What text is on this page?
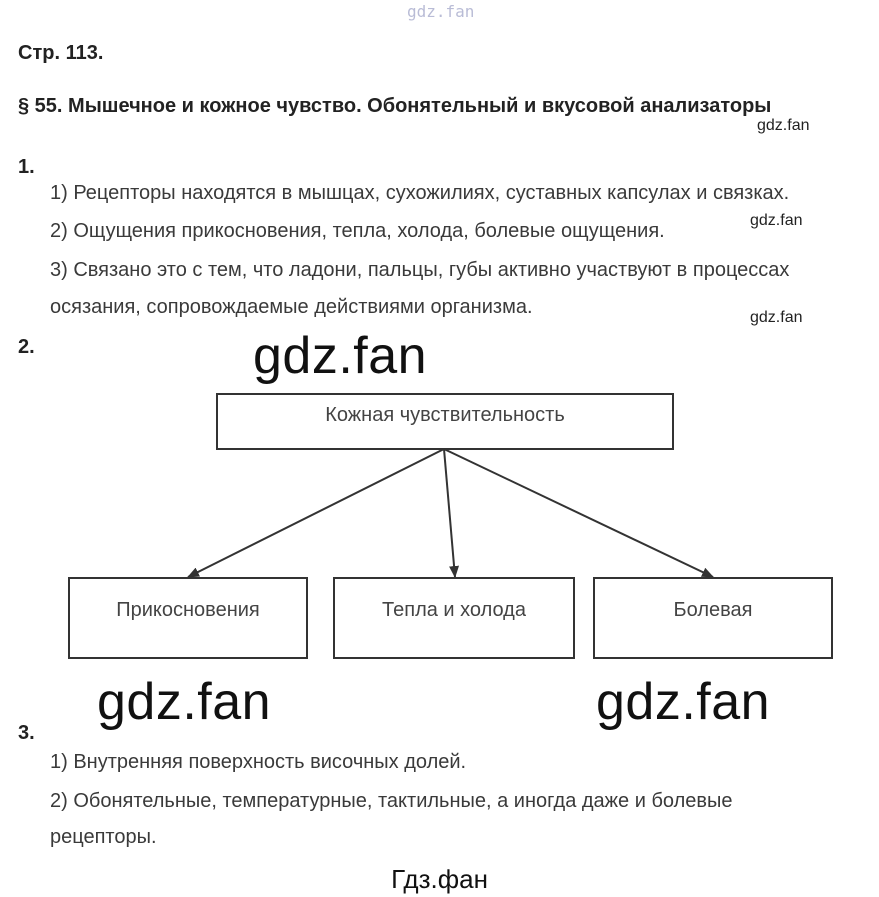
gdz.fan
Стр. 113.
§ 55. Мышечное и кожное чувство. Обонятельный и вкусовой анализаторы
gdz.fan
1.
1) Рецепторы находятся в мышцах, сухожилиях, суставных капсулах и связках.
2) Ощущения прикосновения, тепла, холода, болевые ощущения.	gdz.fan
3) Связано это с тем, что ладони, пальцы, губы активно участвуют в процессах
осязания, сопровождаемые действиями организма.	gdz.fan
2.	gdz.fan
Кожная чувствительность
Прикосновения	Тепла и холода	Болевая
gdz.fan	gdz.fan
3.
1) Внутренняя поверхность височных долей.
2) Обонятельные, температурные, тактильные, а иногда даже и болевые
рецепторы.
Гдз.фан
